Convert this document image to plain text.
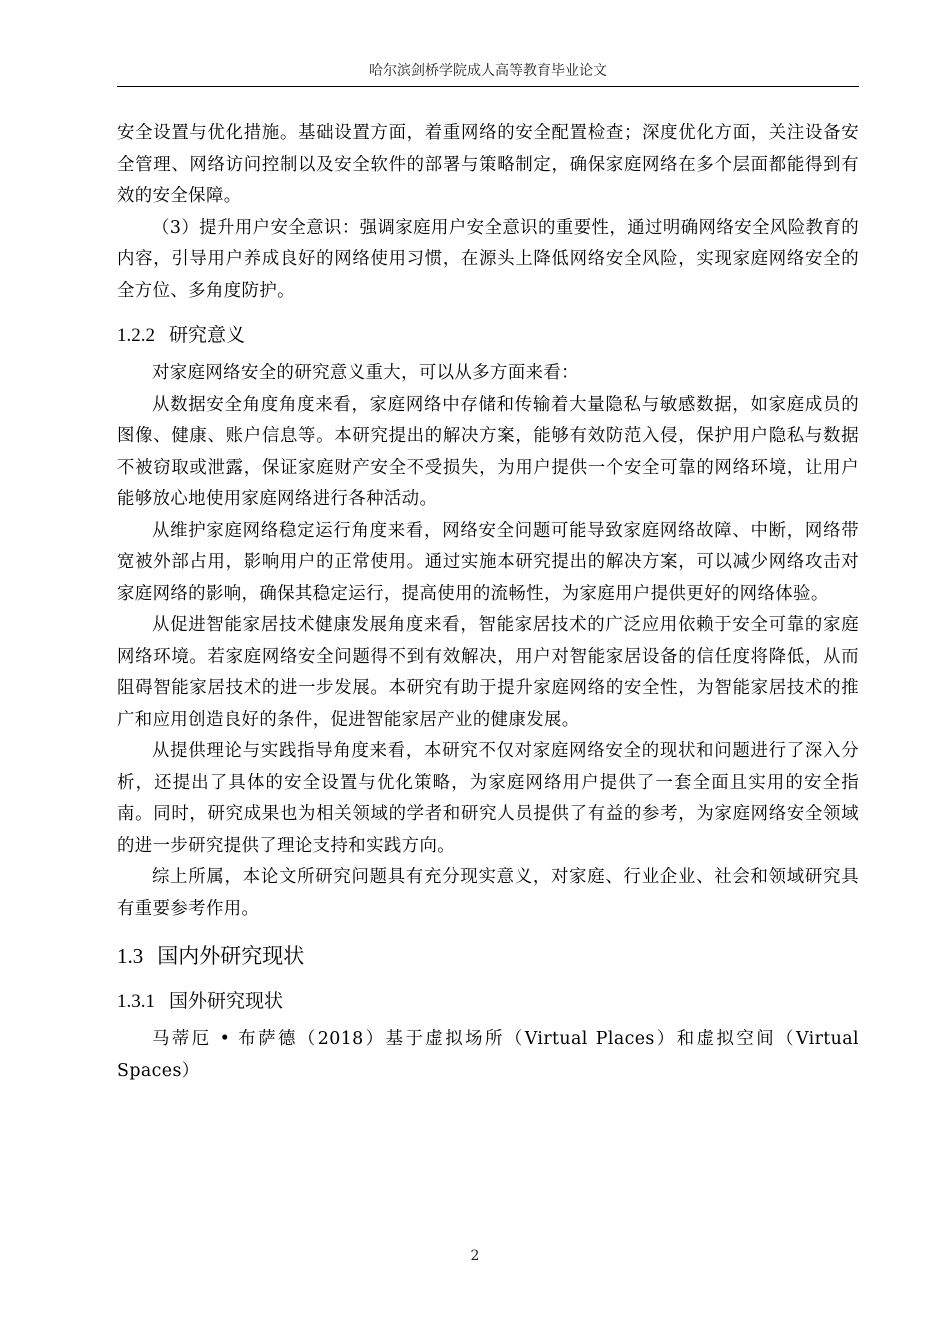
哈尔滨剑桥学院成人高等教育毕业论文

安全设置与优化措施。基础设置方面，着重网络的安全配置检查；深度优化方面，关注设备安全管理、网络访问控制以及安全软件的部署与策略制定，确保家庭网络在多个层面都能得到有效的安全保障。

（3）提升用户安全意识：强调家庭用户安全意识的重要性，通过明确网络安全风险教育的内容，引导用户养成良好的网络使用习惯，在源头上降低网络安全风险，实现家庭网络安全的全方位、多角度防护。

1.2.2 研究意义

对家庭网络安全的研究意义重大，可以从多方面来看：

从数据安全角度角度来看，家庭网络中存储和传输着大量隐私与敏感数据，如家庭成员的图像、健康、账户信息等。本研究提出的解决方案，能够有效防范入侵，保护用户隐私与数据不被窃取或泄露，保证家庭财产安全不受损失，为用户提供一个安全可靠的网络环境，让用户能够放心地使用家庭网络进行各种活动。

从维护家庭网络稳定运行角度来看，网络安全问题可能导致家庭网络故障、中断，网络带宽被外部占用，影响用户的正常使用。通过实施本研究提出的解决方案，可以减少网络攻击对家庭网络的影响，确保其稳定运行，提高使用的流畅性，为家庭用户提供更好的网络体验。

从促进智能家居技术健康发展角度来看，智能家居技术的广泛应用依赖于安全可靠的家庭网络环境。若家庭网络安全问题得不到有效解决，用户对智能家居设备的信任度将降低，从而阻碍智能家居技术的进一步发展。本研究有助于提升家庭网络的安全性，为智能家居技术的推广和应用创造良好的条件，促进智能家居产业的健康发展。

从提供理论与实践指导角度来看，本研究不仅对家庭网络安全的现状和问题进行了深入分析，还提出了具体的安全设置与优化策略，为家庭网络用户提供了一套全面且实用的安全指南。同时，研究成果也为相关领域的学者和研究人员提供了有益的参考，为家庭网络安全领域的进一步研究提供了理论支持和实践方向。

综上所属，本论文所研究问题具有充分现实意义，对家庭、行业企业、社会和领域研究具有重要参考作用。

1.3 国内外研究现状
1.3.1 国外研究现状

马蒂厄 • 布萨德（2018）基于虚拟场所（Virtual Places）和虚拟空间（Virtual Spaces）

2
